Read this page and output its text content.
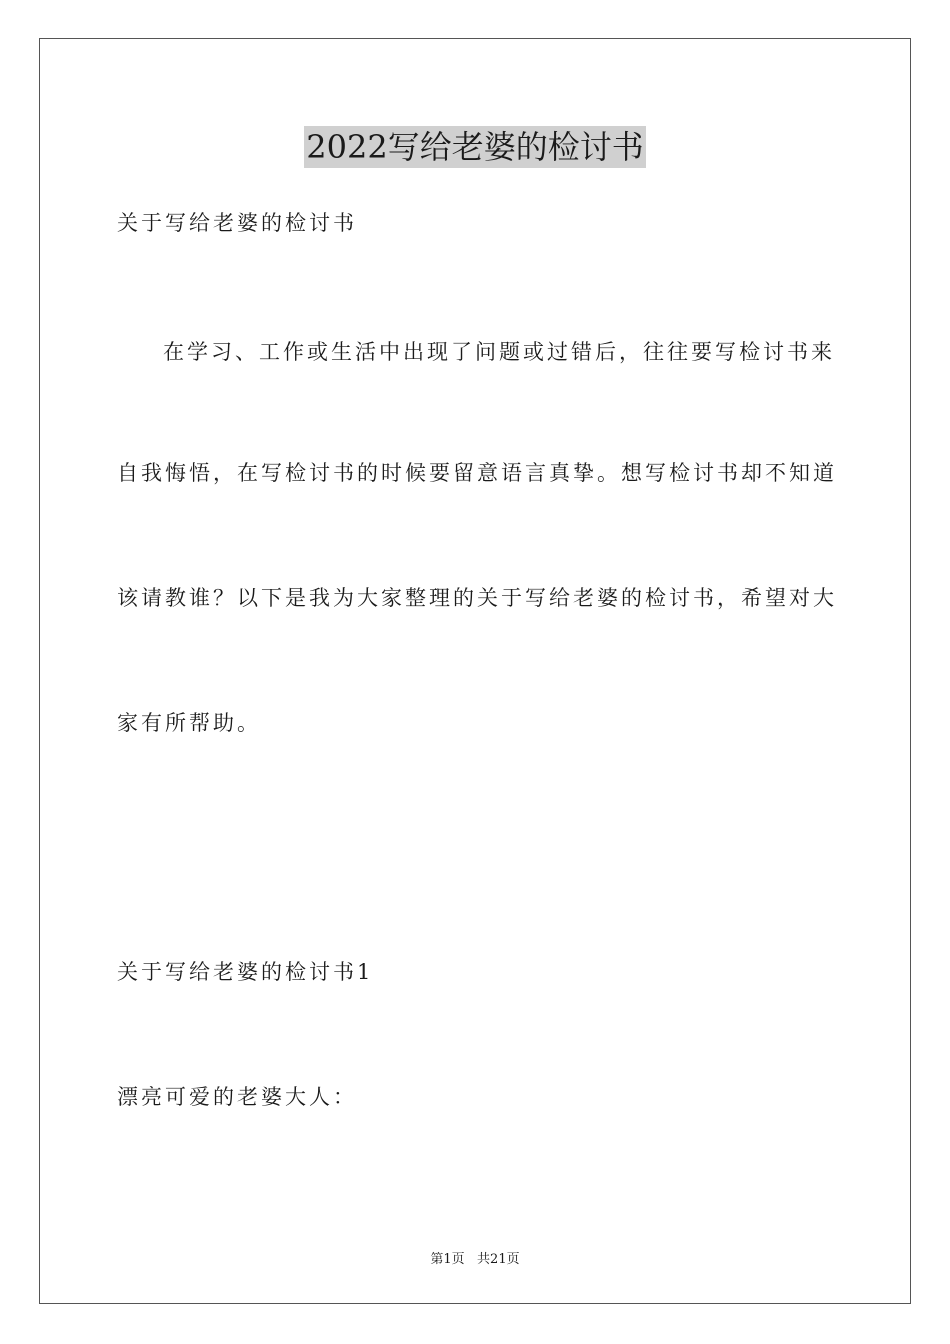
2022写给老婆的检讨书
关于写给老婆的检讨书
在学习、工作或生活中出现了问题或过错后，往往要写检讨书来
自我悔悟，在写检讨书的时候要留意语言真挚。想写检讨书却不知道
该请教谁？以下是我为大家整理的关于写给老婆的检讨书，希望对大
家有所帮助。
关于写给老婆的检讨书1
漂亮可爱的老婆大人：
第1页   共21页
